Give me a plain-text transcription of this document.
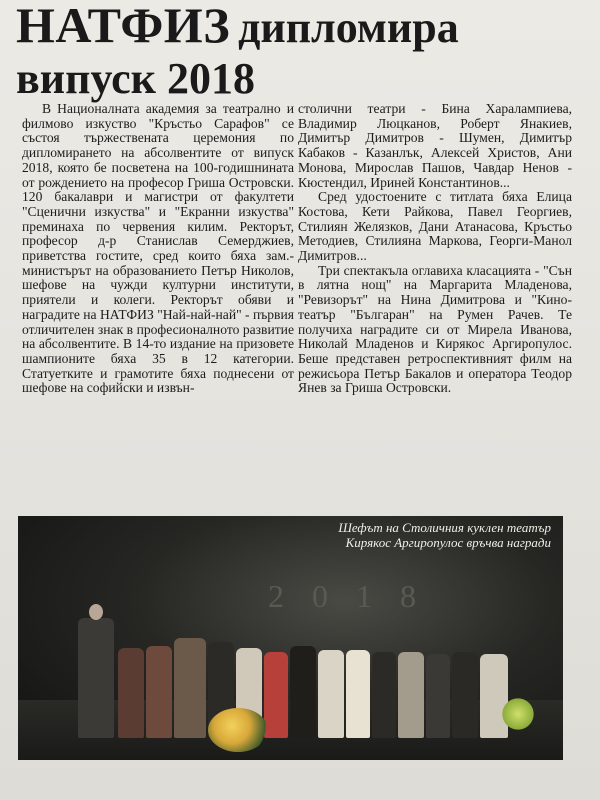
НАТФИЗ дипломира
випуск 2018

В Националната академия за театрално и филмово изкуство "Кръстьо Сарафов" се състоя тържествената церемония по дипломирането на абсолвентите от випуск 2018, която бе посветена на 100-годишнината от рождението на професор Гриша Островски. 120 бакалаври и магистри от факултети "Сценични изкуства" и "Екранни изкуства" преминаха по червения килим. Ректорът, професор д-р Станислав Семерджиев, приветства гостите, сред които бяха зам.-министърът на образованието Петър Николов, шефове на чужди културни институти, приятели и колеги. Ректорът обяви и наградите на НАТФИЗ "Най-най-най" - първия отличителен знак в професионалното развитие на абсолвентите. В 14-то издание на призовете шампионите бяха 35 в 12 категории. Статуетките и грамотите бяха поднесени от шефове на софийски и извън-

столични театри - Бина Харалампиева, Владимир Люцканов, Роберт Янакиев, Димитър Димитров - Шумен, Димитър Кабаков - Казанлък, Алексей Христов, Ани Монова, Мирослав Пашов, Чавдар Ненов - Кюстендил, Ириней Константинов...

Сред удостоените с титлата бяха Елица Костова, Кети Райкова, Павел Георгиев, Стилиян Желязков, Дани Атанасова, Кръстьо Методиев, Стилияна Маркова, Георги-Манол Димитров...

Три спектакъла оглавиха класацията - "Сън в лятна нощ" на Маргарита Младенова, "Ревизорът" на Нина Димитрова и "Кино-театър "Българан" на Румен Рачев. Те получиха наградите си от Мирела Иванова, Николай Младенов и Кирякос Аргиропулос. Беше представен ретроспективният филм на режисьора Петър Бакалов и оператора Теодор Янев за Гриша Островски.

2 0 1 8
Шефът на Столичния куклен театър Кирякос Аргиропулос връчва награди
